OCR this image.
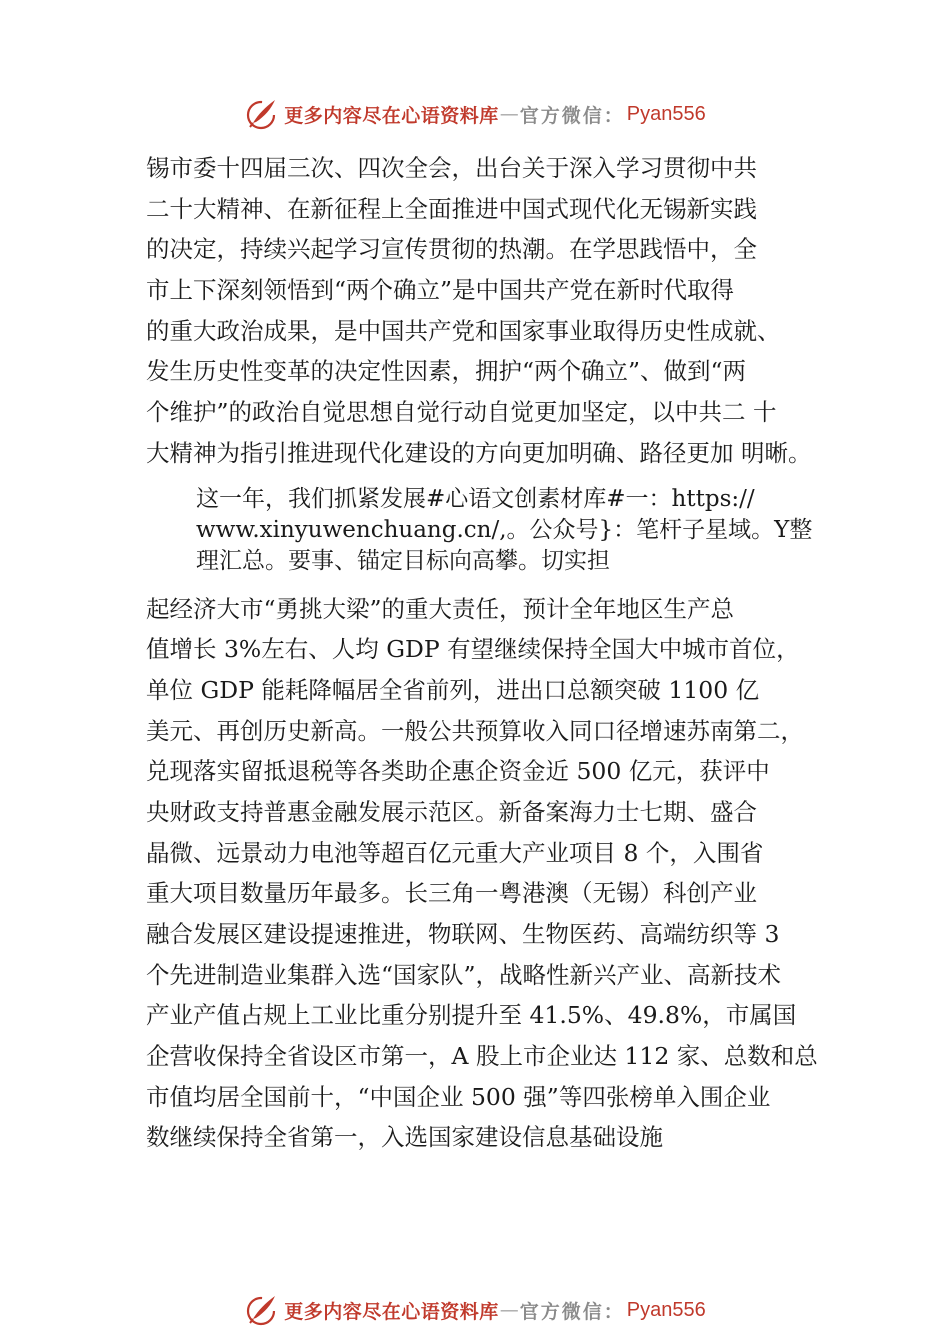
更多内容尽在心语资料库 — 官方微信： Pyan556
锡市委十四届三次、四次全会，出台关于深入学习贯彻中共
二十大精神、在新征程上全面推进中国式现代化无锡新实践
的决定，持续兴起学习宣传贯彻的热潮。在学思践悟中，全
市上下深刻领悟到“两个确立”是中国共产党在新时代取得
的重大政治成果，是中国共产党和国家事业取得历史性成就、
发生历史性变革的决定性因素，拥护“两个确立”、做到“两
个维护”的政治自觉思想自觉行动自觉更加坚定，以中共二 十
大精神为指引推进现代化建设的方向更加明确、路径更加 明晰。
这一年，我们抓紧发展#心语文创素材库#一：https://
www.xinyuwenchuang.cn/,。公众号}：笔杆子星域。Y整
理汇总。要事、锚定目标向高攀。切实担
起经济大市“勇挑大梁”的重大责任，预计全年地区生产总
值增长 3%左右、人均 GDP 有望继续保持全国大中城市首位，
单位 GDP 能耗降幅居全省前列，进出口总额突破 1100 亿
美元、再创历史新高。一般公共预算收入同口径增速苏南第二，
兑现落实留抵退税等各类助企惠企资金近 500 亿元，获评中
央财政支持普惠金融发展示范区。新备案海力士七期、盛合
晶微、远景动力电池等超百亿元重大产业项目 8 个，入围省
重大项目数量历年最多。长三角一粤港澳（无锡）科创产业
融合发展区建设提速推进，物联网、生物医药、高端纺织等 3
个先进制造业集群入选“国家队”，战略性新兴产业、高新技术
产业产值占规上工业比重分别提升至 41.5%、49.8%，市属国
企营收保持全省设区市第一，A 股上市企业达 112 家、总数和总
市值均居全国前十，“中国企业 500 强”等四张榜单入围企业
数继续保持全省第一，入选国家建设信息基础设施
更多内容尽在心语资料库 — 官方微信： Pyan556
